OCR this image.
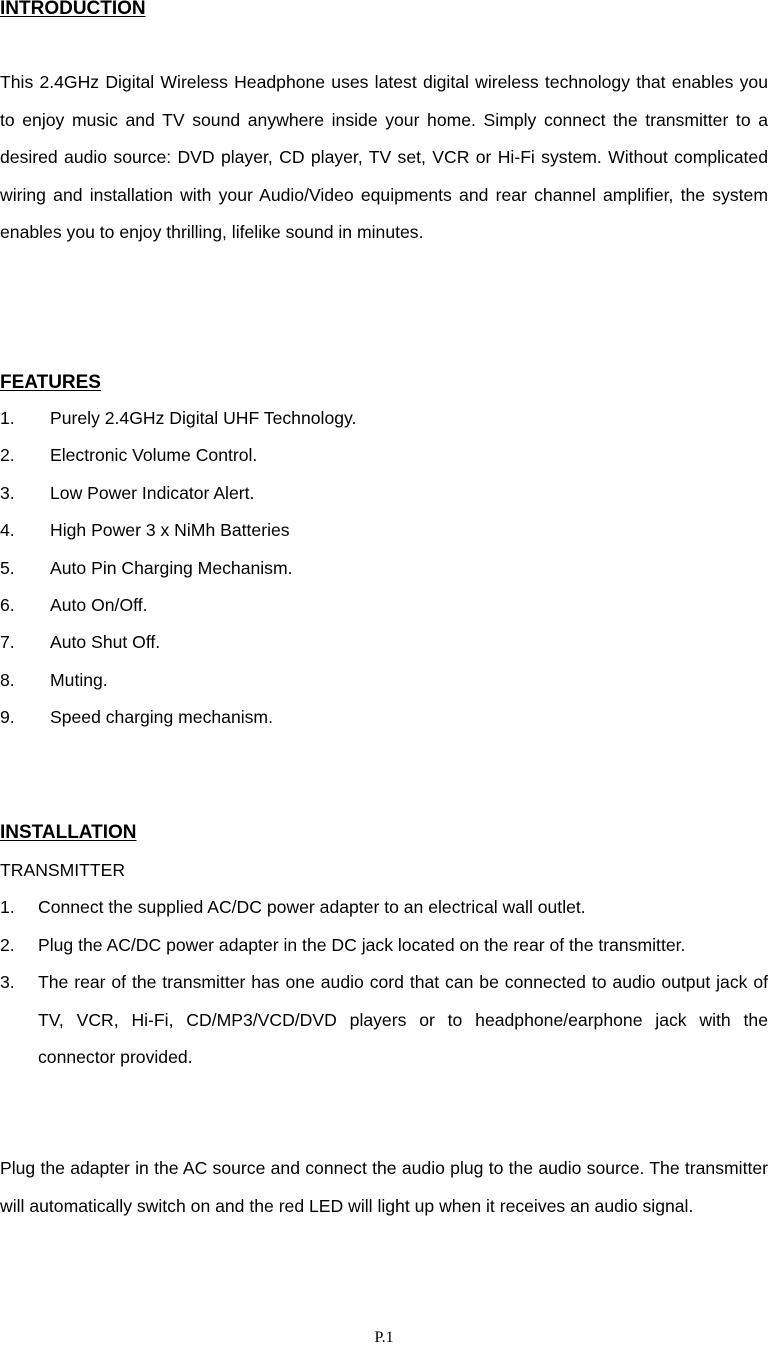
INTRODUCTION

This 2.4GHz Digital Wireless Headphone uses latest digital wireless technology that enables you to enjoy music and TV sound anywhere inside your home. Simply connect the transmitter to a desired audio source: DVD player, CD player, TV set, VCR or Hi-Fi system. Without complicated wiring and installation with your Audio/Video equipments and rear channel amplifier, the system enables you to enjoy thrilling, lifelike sound in minutes.

FEATURES
1. Purely 2.4GHz Digital UHF Technology.
2. Electronic Volume Control.
3. Low Power Indicator Alert.
4. High Power 3 x NiMh Batteries
5. Auto Pin Charging Mechanism.
6. Auto On/Off.
7. Auto Shut Off.
8. Muting.
9. Speed charging mechanism.
INSTALLATION

TRANSMITTER

1.	Connect the supplied AC/DC power adapter to an electrical wall outlet.
2.	Plug the AC/DC power adapter in the DC jack located on the rear of the transmitter.
3.	The rear of the transmitter has one audio cord that can be connected to audio output jack of TV, VCR, Hi-Fi, CD/MP3/VCD/DVD players or to headphone/earphone jack with the connector provided.

Plug the adapter in the AC source and connect the audio plug to the audio source. The transmitter will automatically switch on and the red LED will light up when it receives an audio signal.

P.1
